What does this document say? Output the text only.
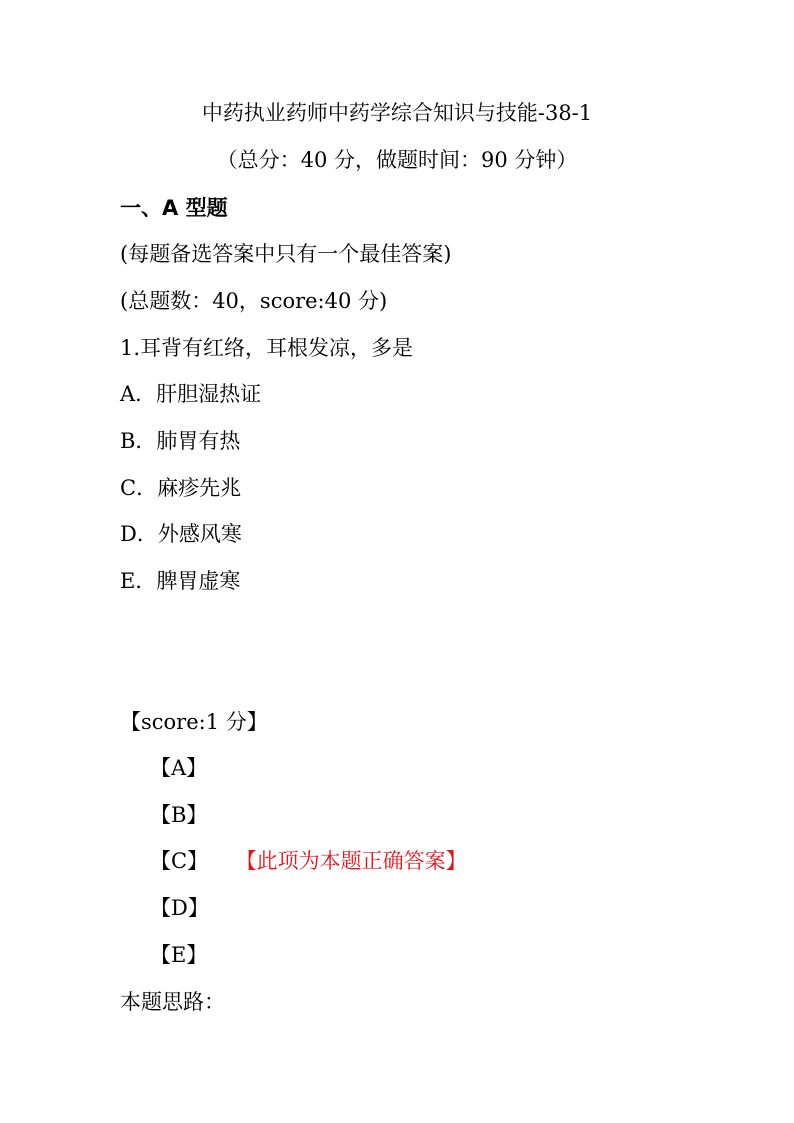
中药执业药师中药学综合知识与技能-38-1
（总分：40 分，做题时间：90 分钟）
一、A 型题
(每题备选答案中只有一个最佳答案)
(总题数：40，score:40 分)
1.耳背有红络，耳根发凉，多是
A．肝胆湿热证
B．肺胃有热
C．麻疹先兆
D．外感风寒
E．脾胃虚寒
【score:1 分】
【A】
【B】
【C】 【此项为本题正确答案】
【D】
【E】
本题思路：
